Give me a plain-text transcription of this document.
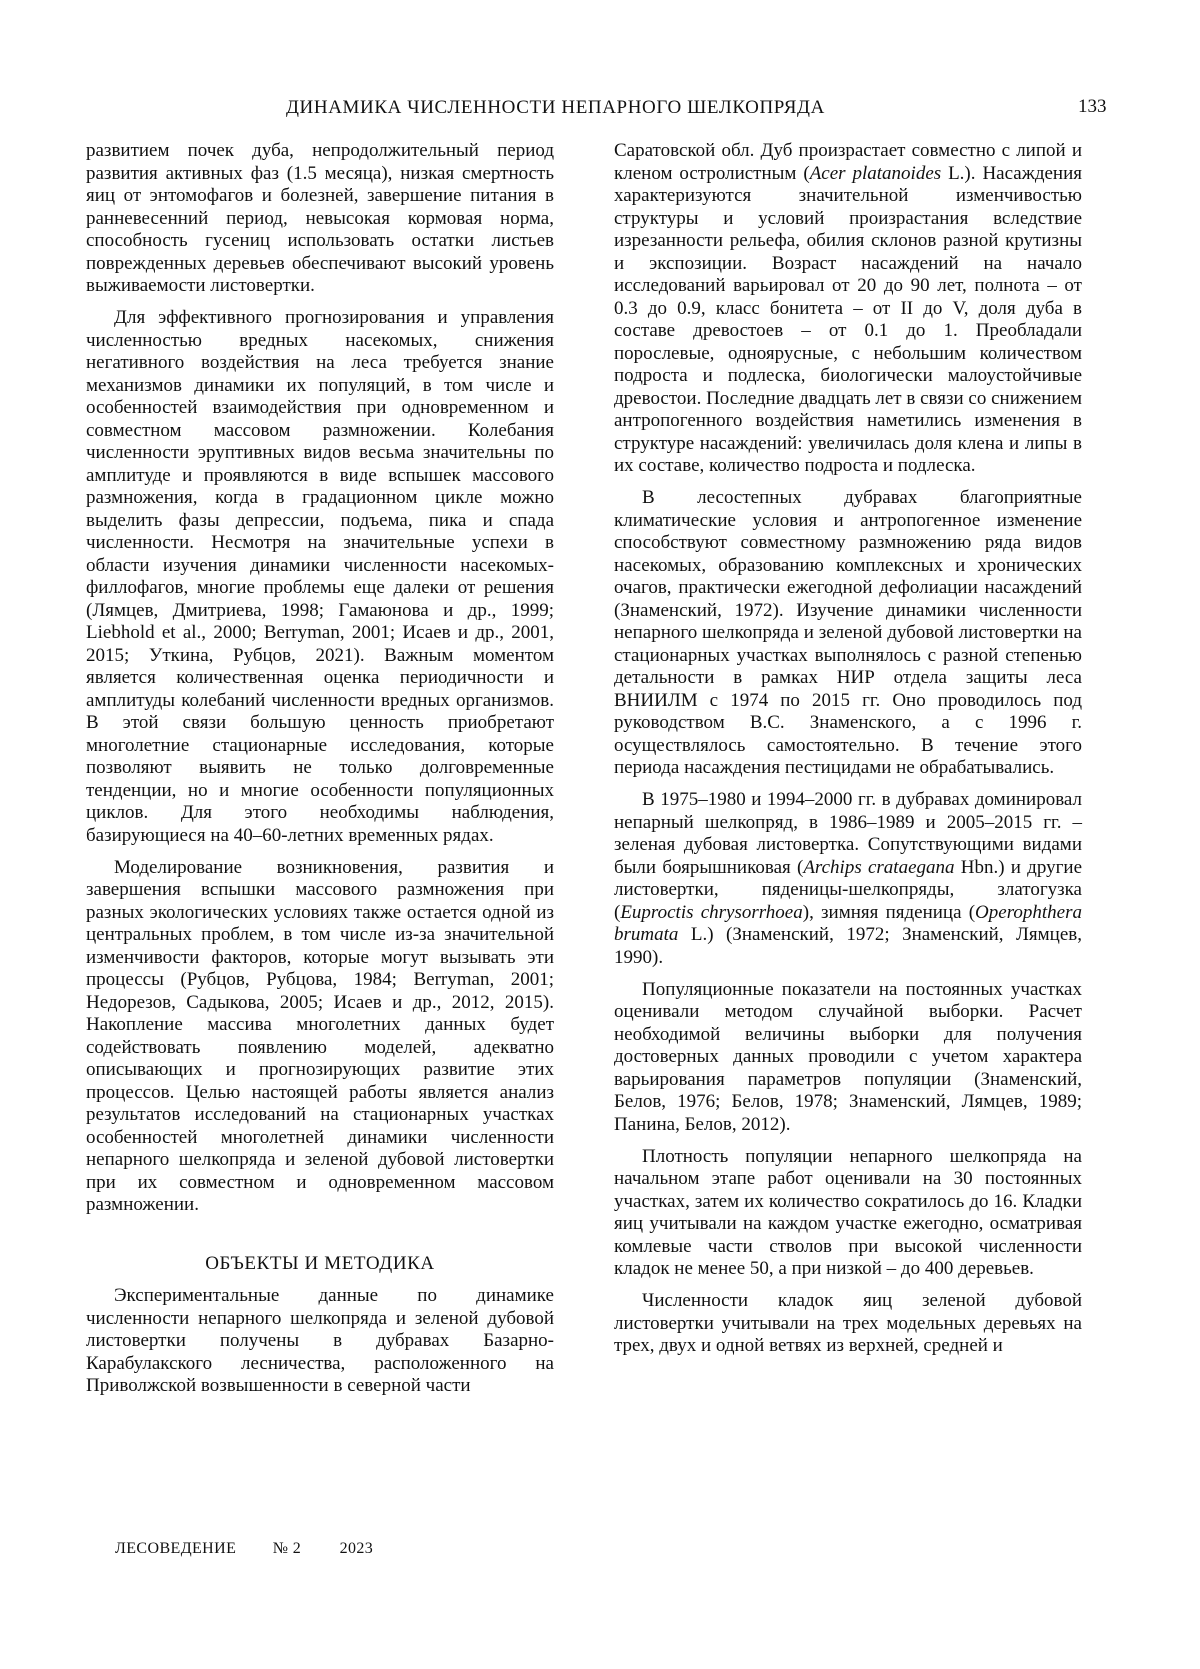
ДИНАМИКА ЧИСЛЕННОСТИ НЕПАРНОГО ШЕЛКОПРЯДА	133

развитием почек дуба, непродолжительный период развития активных фаз (1.5 месяца), низкая смертность яиц от энтомофагов и болезней, завершение питания в ранневесенний период, невысокая кормовая норма, способность гусениц использовать остатки листьев поврежденных деревьев обеспечивают высокий уровень выживаемости листовертки.

Для эффективного прогнозирования и управления численностью вредных насекомых, снижения негативного воздействия на леса требуется знание механизмов динамики их популяций, в том числе и особенностей взаимодействия при одновременном и совместном массовом размножении. Колебания численности эруптивных видов весьма значительны по амплитуде и проявляются в виде вспышек массового размножения, когда в градационном цикле можно выделить фазы депрессии, подъема, пика и спада численности. Несмотря на значительные успехи в области изучения динамики численности насекомых-филлофагов, многие проблемы еще далеки от решения (Лямцев, Дмитриева, 1998; Гамаюнова и др., 1999; Liebhold et al., 2000; Berryman, 2001; Исаев и др., 2001, 2015; Уткина, Рубцов, 2021). Важным моментом является количественная оценка периодичности и амплитуды колебаний численности вредных организмов. В этой связи большую ценность приобретают многолетние стационарные исследования, которые позволяют выявить не только долговременные тенденции, но и многие особенности популяционных циклов. Для этого необходимы наблюдения, базирующиеся на 40–60-летних временных рядах.

Моделирование возникновения, развития и завершения вспышки массового размножения при разных экологических условиях также остается одной из центральных проблем, в том числе из-за значительной изменчивости факторов, которые могут вызывать эти процессы (Рубцов, Рубцова, 1984; Berryman, 2001; Недорезов, Садыкова, 2005; Исаев и др., 2012, 2015). Накопление массива многолетних данных будет содействовать появлению моделей, адекватно описывающих и прогнозирующих развитие этих процессов. Целью настоящей работы является анализ результатов исследований на стационарных участках особенностей многолетней динамики численности непарного шелкопряда и зеленой дубовой листовертки при их совместном и одновременном массовом размножении.

ОБЪЕКТЫ И МЕТОДИКА

Экспериментальные данные по динамике численности непарного шелкопряда и зеленой дубовой листовертки получены в дубравах Базарно-Карабулакского лесничества, расположенного на Приволжской возвышенности в северной части

Саратовской обл. Дуб произрастает совместно с липой и кленом остролистным (Acer platanoides L.). Насаждения характеризуются значительной изменчивостью структуры и условий произрастания вследствие изрезанности рельефа, обилия склонов разной крутизны и экспозиции. Возраст насаждений на начало исследований варьировал от 20 до 90 лет, полнота – от 0.3 до 0.9, класс бонитета – от II до V, доля дуба в составе древостоев – от 0.1 до 1. Преобладали порослевые, одноярусные, с небольшим количеством подроста и подлеска, биологически малоустойчивые древостои. Последние двадцать лет в связи со снижением антропогенного воздействия наметились изменения в структуре насаждений: увеличилась доля клена и липы в их составе, количество подроста и подлеска.

В лесостепных дубравах благоприятные климатические условия и антропогенное изменение способствуют совместному размножению ряда видов насекомых, образованию комплексных и хронических очагов, практически ежегодной дефолиации насаждений (Знаменский, 1972). Изучение динамики численности непарного шелкопряда и зеленой дубовой листовертки на стационарных участках выполнялось с разной степенью детальности в рамках НИР отдела защиты леса ВНИИЛМ с 1974 по 2015 гг. Оно проводилось под руководством В.С. Знаменского, а с 1996 г. осуществлялось самостоятельно. В течение этого периода насаждения пестицидами не обрабатывались.

В 1975–1980 и 1994–2000 гг. в дубравах доминировал непарный шелкопряд, в 1986–1989 и 2005–2015 гг. – зеленая дубовая листовертка. Сопутствующими видами были боярышниковая (Archips crataegana Hbn.) и другие листовертки, пяденицы-шелкопряды, златогузка (Euproctis chrysorrhoea), зимняя пяденица (Operophthera brumata L.) (Знаменский, 1972; Знаменский, Лямцев, 1990).

Популяционные показатели на постоянных участках оценивали методом случайной выборки. Расчет необходимой величины выборки для получения достоверных данных проводили с учетом характера варьирования параметров популяции (Знаменский, Белов, 1976; Белов, 1978; Знаменский, Лямцев, 1989; Панина, Белов, 2012).

Плотность популяции непарного шелкопряда на начальном этапе работ оценивали на 30 постоянных участках, затем их количество сократилось до 16. Кладки яиц учитывали на каждом участке ежегодно, осматривая комлевые части стволов при высокой численности кладок не менее 50, а при низкой – до 400 деревьев.

Численности кладок яиц зеленой дубовой листовертки учитывали на трех модельных деревьях на трех, двух и одной ветвях из верхней, средней и

ЛЕСОВЕДЕНИЕ № 2 2023
